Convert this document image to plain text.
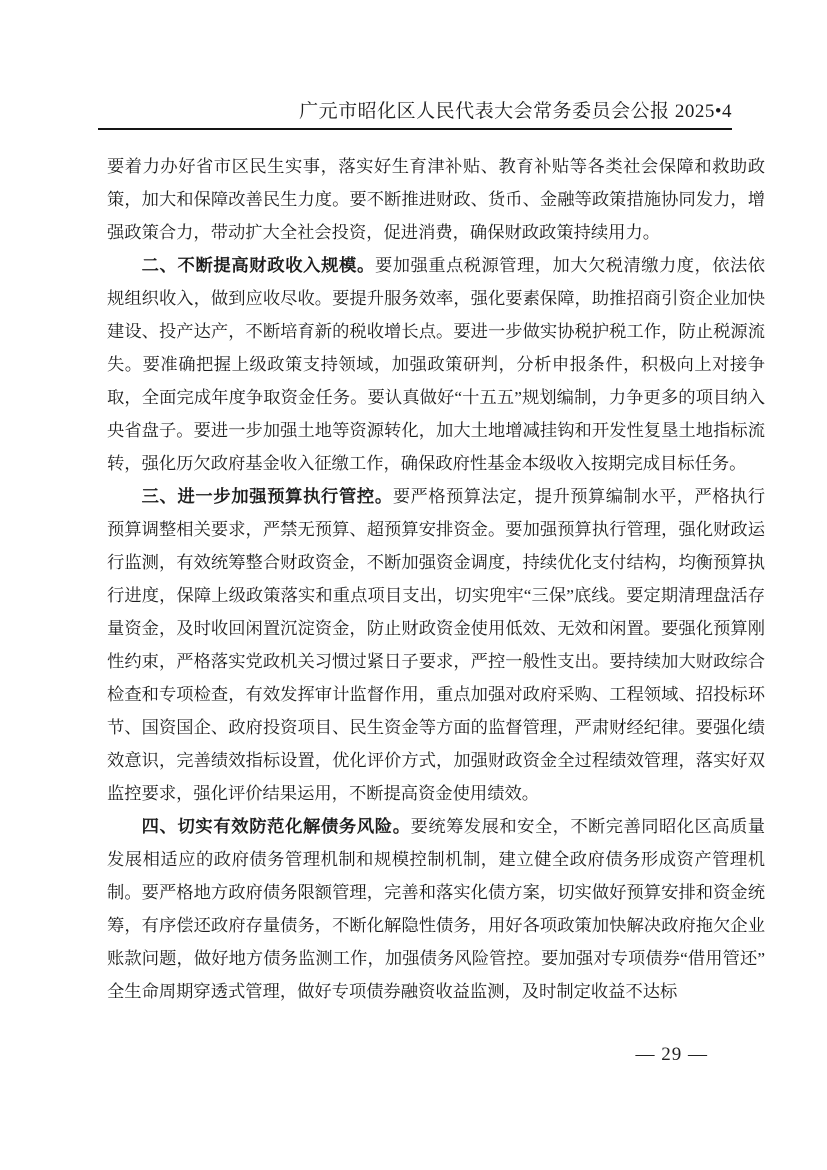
广元市昭化区人民代表大会常务委员会公报 2025•4

要着力办好省市区民生实事，落实好生育津补贴、教育补贴等各类社会保障和救助政策，加大和保障改善民生力度。要不断推进财政、货币、金融等政策措施协同发力，增强政策合力，带动扩大全社会投资，促进消费，确保财政政策持续用力。

二、不断提高财政收入规模。要加强重点税源管理，加大欠税清缴力度，依法依规组织收入，做到应收尽收。要提升服务效率，强化要素保障，助推招商引资企业加快建设、投产达产，不断培育新的税收增长点。要进一步做实协税护税工作，防止税源流失。要准确把握上级政策支持领域，加强政策研判，分析申报条件，积极向上对接争取，全面完成年度争取资金任务。要认真做好“十五五”规划编制，力争更多的项目纳入央省盘子。要进一步加强土地等资源转化，加大土地增减挂钩和开发性复垦土地指标流转，强化历欠政府基金收入征缴工作，确保政府性基金本级收入按期完成目标任务。

三、进一步加强预算执行管控。要严格预算法定，提升预算编制水平，严格执行预算调整相关要求，严禁无预算、超预算安排资金。要加强预算执行管理，强化财政运行监测，有效统筹整合财政资金，不断加强资金调度，持续优化支付结构，均衡预算执行进度，保障上级政策落实和重点项目支出，切实兜牢“三保”底线。要定期清理盘活存量资金，及时收回闲置沉淀资金，防止财政资金使用低效、无效和闲置。要强化预算刚性约束，严格落实党政机关习惯过紧日子要求，严控一般性支出。要持续加大财政综合检查和专项检查，有效发挥审计监督作用，重点加强对政府采购、工程领域、招投标环节、国资国企、政府投资项目、民生资金等方面的监督管理，严肃财经纪律。要强化绩效意识，完善绩效指标设置，优化评价方式，加强财政资金全过程绩效管理，落实好双监控要求，强化评价结果运用，不断提高资金使用绩效。

四、切实有效防范化解债务风险。要统筹发展和安全，不断完善同昭化区高质量发展相适应的政府债务管理机制和规模控制机制，建立健全政府债务形成资产管理机制。要严格地方政府债务限额管理，完善和落实化债方案，切实做好预算安排和资金统筹，有序偿还政府存量债务，不断化解隐性债务，用好各项政策加快解决政府拖欠企业账款问题，做好地方债务监测工作，加强债务风险管控。要加强对专项债券“借用管还”全生命周期穿透式管理，做好专项债券融资收益监测，及时制定收益不达标

— 29 —
